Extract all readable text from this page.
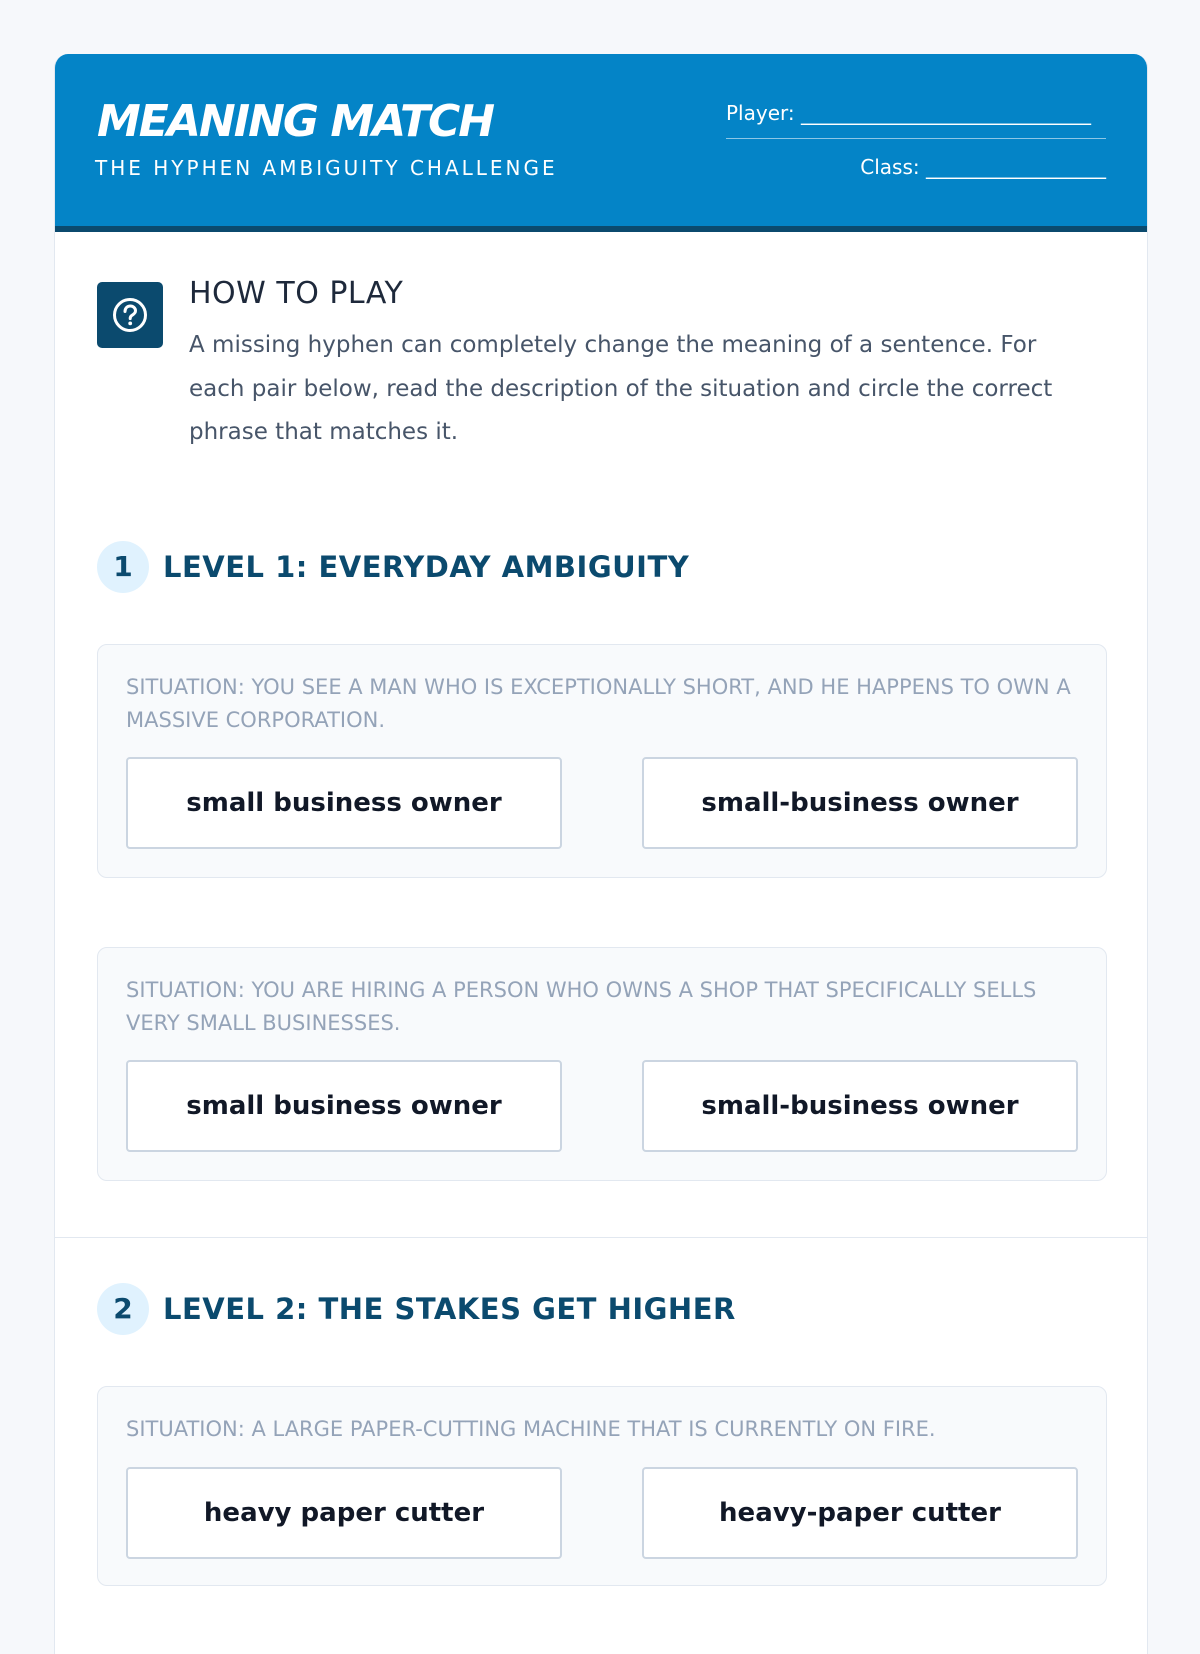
MEANING MATCH
THE HYPHEN AMBIGUITY CHALLENGE
Player: _____________________________
Class: __________________
HOW TO PLAY
A missing hyphen can completely change the meaning of a sentence. For each pair below, read the description of the situation and circle the correct phrase that matches it.
1	LEVEL 1: EVERYDAY AMBIGUITY
SITUATION: YOU SEE A MAN WHO IS EXCEPTIONALLY SHORT, AND HE HAPPENS TO OWN A MASSIVE CORPORATION.
small business owner	small-business owner
SITUATION: YOU ARE HIRING A PERSON WHO OWNS A SHOP THAT SPECIFICALLY SELLS VERY SMALL BUSINESSES.
small business owner	small-business owner
2	LEVEL 2: THE STAKES GET HIGHER
SITUATION: A LARGE PAPER-CUTTING MACHINE THAT IS CURRENTLY ON FIRE.
heavy paper cutter	heavy-paper cutter
